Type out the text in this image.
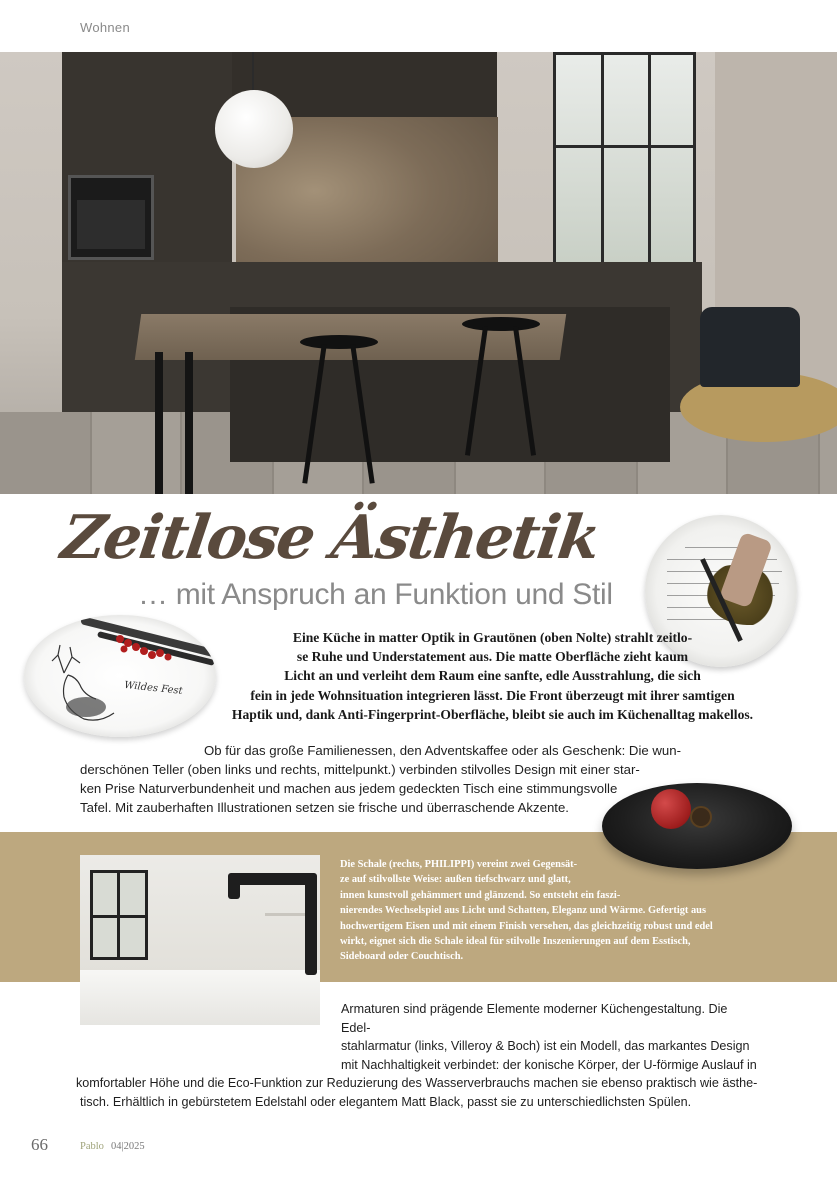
Wohnen
Zeitlose Ästhetik
… mit Anspruch an Funktion und Stil
Wildes Fest
Eine Küche in matter Optik in Grautönen (oben Nolte) strahlt zeitlo-
se Ruhe und Understatement aus. Die matte Oberfläche zieht kaum
Licht an und verleiht dem Raum eine sanfte, edle Ausstrahlung, die sich
fein in jede Wohnsituation integrieren lässt. Die Front überzeugt mit ihrer samtigen
Haptik und, dank Anti-Fingerprint-Oberfläche, bleibt sie auch im Küchenalltag makellos.
Ob für das große Familienessen, den Adventskaffee oder als Geschenk: Die wun-
derschönen Teller (oben links und rechts, mittelpunkt.) verbinden stilvolles Design mit einer star-
ken Prise Naturverbundenheit und machen aus jedem gedeckten Tisch eine stimmungsvolle
Tafel. Mit zauberhaften Illustrationen setzen sie frische und überraschende Akzente.
Die Schale (rechts, PHILIPPI) vereint zwei Gegensät-
ze auf stilvollste Weise: außen tiefschwarz und glatt,
innen kunstvoll gehämmert und glänzend. So entsteht ein faszi-
nierendes Wechselspiel aus Licht und Schatten, Eleganz und Wärme. Gefertigt aus
hochwertigem Eisen und mit einem Finish versehen, das gleichzeitig robust und edel
wirkt, eignet sich die Schale ideal für stilvolle Inszenierungen auf dem Esstisch,
Sideboard oder Couchtisch.
Armaturen sind prägende Elemente moderner Küchengestaltung. Die Edel-
stahlarmatur (links, Villeroy & Boch) ist ein Modell, das markantes Design
mit Nachhaltigkeit verbindet: der konische Körper, der U-förmige Auslauf in
komfortabler Höhe und die Eco-Funktion zur Reduzierung des Wasserverbrauchs machen sie ebenso praktisch wie ästhe-
tisch. Erhältlich in gebürstetem Edelstahl oder elegantem Matt Black, passt sie zu unterschiedlichsten Spülen.
66	Pablo 04|2025
